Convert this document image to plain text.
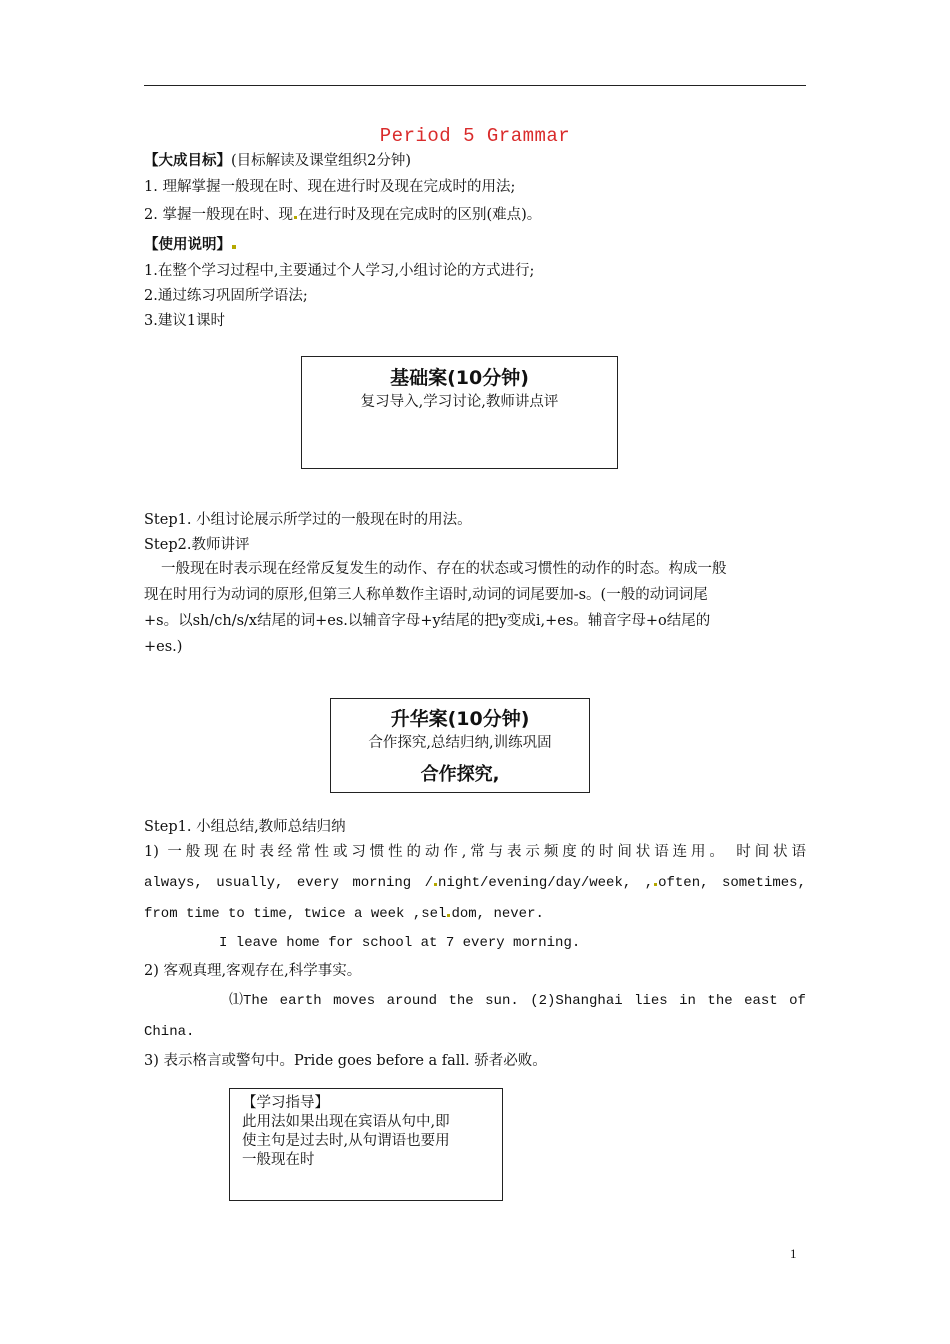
Period 5 Grammar
【大成目标】(目标解读及课堂组织2分钟)
1. 理解掌握一般现在时、现在进行时及现在完成时的用法;
2. 掌握一般现在时、现 在进行时及现在完成时的区别(难点)。
【使用说明】
1.在整个学习过程中,主要通过个人学习,小组讨论的方式进行;
2.通过练习巩固所学语法;
3.建议1课时
基础案(10分钟)
复习导入,学习讨论,教师讲点评
Step1. 小组讨论展示所学过的一般现在时的用法。
Step2.教师讲评
一般现在时表示现在经常反复发生的动作、存在的状态或习惯性的动作的时态。构成一般
现在时用行为动词的原形,但第三人称单数作主语时,动词的词尾要加-s。(一般的动词词尾
+s。以sh/ch/s/x结尾的词+es.以辅音字母+y结尾的把y变成i,+es。辅音字母+o结尾的
+es.)
升华案(10分钟)
合作探究,总结归纳,训练巩固
合作探究,
Step1. 小组总结,教师总结归纳
1) 一般现在时表经常性或习惯性的动作,常与表示频度的时间状语连用。 时间状语
always, usually, every morning / night/evening/day/week, , often, sometimes,
from time to time, twice a week ,sel dom, never.
I leave home for school at 7 every morning.
2) 客观真理,客观存在,科学事实。
⑴The earth moves around the sun. (2)Shanghai lies in the east of
China.
3) 表示格言或警句中。Pride goes before a fall. 骄者必败。
【学习指导】
此用法如果出现在宾语从句中,即
使主句是过去时,从句谓语也要用
一般现在时
1
